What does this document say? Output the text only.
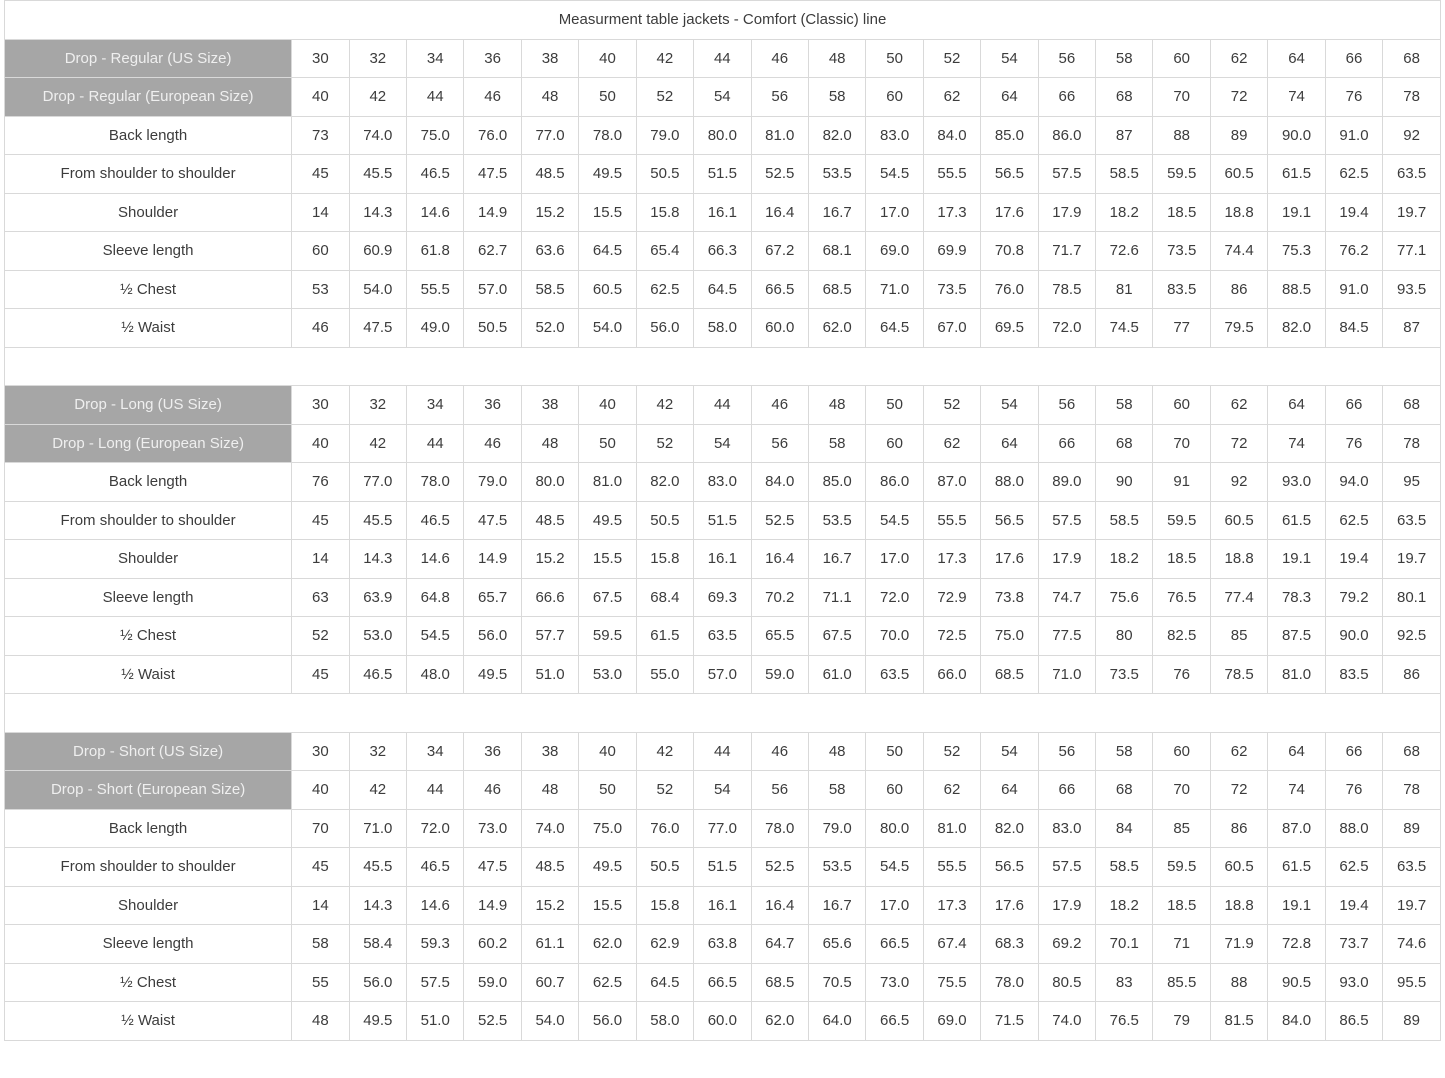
Measurment table jackets - Comfort (Classic) line																				
Drop - Regular (US Size)	30	32	34	36	38	40	42	44	46	48	50	52	54	56	58	60	62	64	66	68
Drop - Regular (European Size)	40	42	44	46	48	50	52	54	56	58	60	62	64	66	68	70	72	74	76	78
Back length	73	74.0	75.0	76.0	77.0	78.0	79.0	80.0	81.0	82.0	83.0	84.0	85.0	86.0	87	88	89	90.0	91.0	92
From shoulder to shoulder	45	45.5	46.5	47.5	48.5	49.5	50.5	51.5	52.5	53.5	54.5	55.5	56.5	57.5	58.5	59.5	60.5	61.5	62.5	63.5
Shoulder	14	14.3	14.6	14.9	15.2	15.5	15.8	16.1	16.4	16.7	17.0	17.3	17.6	17.9	18.2	18.5	18.8	19.1	19.4	19.7
Sleeve length	60	60.9	61.8	62.7	63.6	64.5	65.4	66.3	67.2	68.1	69.0	69.9	70.8	71.7	72.6	73.5	74.4	75.3	76.2	77.1
½ Chest	53	54.0	55.5	57.0	58.5	60.5	62.5	64.5	66.5	68.5	71.0	73.5	76.0	78.5	81	83.5	86	88.5	91.0	93.5
½ Waist	46	47.5	49.0	50.5	52.0	54.0	56.0	58.0	60.0	62.0	64.5	67.0	69.5	72.0	74.5	77	79.5	82.0	84.5	87

Drop - Long (US Size)	30	32	34	36	38	40	42	44	46	48	50	52	54	56	58	60	62	64	66	68
Drop - Long (European Size)	40	42	44	46	48	50	52	54	56	58	60	62	64	66	68	70	72	74	76	78
Back length	76	77.0	78.0	79.0	80.0	81.0	82.0	83.0	84.0	85.0	86.0	87.0	88.0	89.0	90	91	92	93.0	94.0	95
From shoulder to shoulder	45	45.5	46.5	47.5	48.5	49.5	50.5	51.5	52.5	53.5	54.5	55.5	56.5	57.5	58.5	59.5	60.5	61.5	62.5	63.5
Shoulder	14	14.3	14.6	14.9	15.2	15.5	15.8	16.1	16.4	16.7	17.0	17.3	17.6	17.9	18.2	18.5	18.8	19.1	19.4	19.7
Sleeve length	63	63.9	64.8	65.7	66.6	67.5	68.4	69.3	70.2	71.1	72.0	72.9	73.8	74.7	75.6	76.5	77.4	78.3	79.2	80.1
½ Chest	52	53.0	54.5	56.0	57.7	59.5	61.5	63.5	65.5	67.5	70.0	72.5	75.0	77.5	80	82.5	85	87.5	90.0	92.5
½ Waist	45	46.5	48.0	49.5	51.0	53.0	55.0	57.0	59.0	61.0	63.5	66.0	68.5	71.0	73.5	76	78.5	81.0	83.5	86

Drop - Short (US Size)	30	32	34	36	38	40	42	44	46	48	50	52	54	56	58	60	62	64	66	68
Drop - Short (European Size)	40	42	44	46	48	50	52	54	56	58	60	62	64	66	68	70	72	74	76	78
Back length	70	71.0	72.0	73.0	74.0	75.0	76.0	77.0	78.0	79.0	80.0	81.0	82.0	83.0	84	85	86	87.0	88.0	89
From shoulder to shoulder	45	45.5	46.5	47.5	48.5	49.5	50.5	51.5	52.5	53.5	54.5	55.5	56.5	57.5	58.5	59.5	60.5	61.5	62.5	63.5
Shoulder	14	14.3	14.6	14.9	15.2	15.5	15.8	16.1	16.4	16.7	17.0	17.3	17.6	17.9	18.2	18.5	18.8	19.1	19.4	19.7
Sleeve length	58	58.4	59.3	60.2	61.1	62.0	62.9	63.8	64.7	65.6	66.5	67.4	68.3	69.2	70.1	71	71.9	72.8	73.7	74.6
½ Chest	55	56.0	57.5	59.0	60.7	62.5	64.5	66.5	68.5	70.5	73.0	75.5	78.0	80.5	83	85.5	88	90.5	93.0	95.5
½ Waist	48	49.5	51.0	52.5	54.0	56.0	58.0	60.0	62.0	64.0	66.5	69.0	71.5	74.0	76.5	79	81.5	84.0	86.5	89
